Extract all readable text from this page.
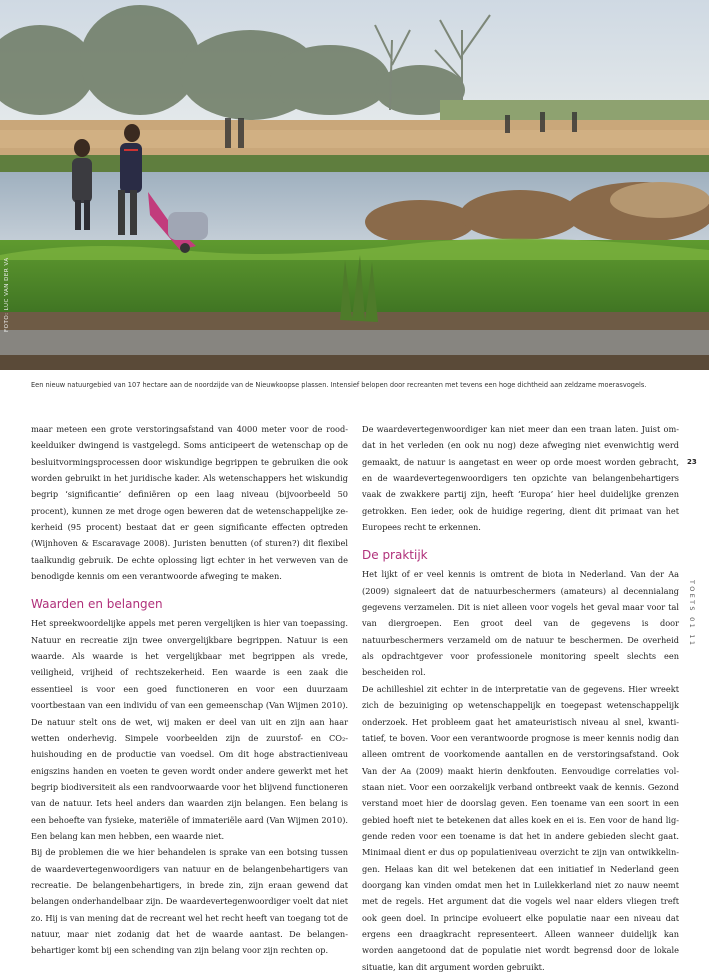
FOTO: LUC VAN DER VA
Een nieuw natuurgebied van 107 hectare aan de noordzijde van de Nieuwkoopse plassen. Intensief belopen door recreanten met tevens een hoge dichtheid aan zeldzame moerasvogels.

maar meteen een grote verstoringsafstand van 4000 meter voor de roodkeelduiker dwingend is vastgelegd. Soms anticipeert de wetenschap op de besluitvormingsprocessen door wiskundige begrippen te gebruiken die ook worden gebruikt in het juridische kader. Als wetenschappers het wiskundig begrip ‘significantie’ definiëren op een laag niveau (bijvoorbeeld 50 procent), kunnen ze met droge ogen beweren dat de wetenschappelijke zekerheid (95 procent) bestaat dat er geen significante effecten optreden (Wijnhoven & Escaravage 2008). Juristen benutten (of sturen?) dit flexibel taalkundig gebruik. De echte oplossing ligt echter in het verweven van de benodigde kennis om een verantwoorde afweging te maken.

Waarden en belangen

Het spreekwoordelijke appels met peren vergelijken is hier van toepassing. Natuur en recreatie zijn twee onvergelijkbare begrippen. Natuur is een waarde. Als waarde is het vergelijkbaar met begrippen als vrede, veiligheid, vrijheid of rechtszekerheid. Een waarde is een zaak die essentieel is voor een goed functioneren en voor een duurzaam voortbestaan van een individu of van een gemeenschap (Van Wijmen 2010). De natuur stelt ons de wet, wij maken er deel van uit en zijn aan haar wetten onderhevig. Simpele voorbeelden zijn de zuurstof- en CO₂-huishouding en de productie van voedsel. Om dit hoge abstractieniveau enigszins handen en voeten te geven wordt onder andere gewerkt met het begrip biodiversiteit als een randvoorwaarde voor het blijvend functioneren van de natuur. Iets heel anders dan waarden zijn belangen. Een belang is een behoefte van fysieke, materiële of immateriële aard (Van Wijmen 2010). Een belang kan men hebben, een waarde niet.

Bij de problemen die we hier behandelen is sprake van een botsing tussen de waardevertegenwoordigers van natuur en de belangenbehartigers van recreatie. De belangenbehartigers, in brede zin, zijn eraan gewend dat belangen onderhandelbaar zijn. De waardevertegenwoordiger voelt dat niet zo. Hij is van mening dat de recreant wel het recht heeft van toegang tot de natuur, maar niet zodanig dat het de waarde aantast. De belangenbehartiger komt bij een schending van zijn belang voor zijn rechten op.

De waardevertegenwoordiger kan niet meer dan een traan laten. Juist omdat in het verleden (en ook nu nog) deze afweging niet evenwichtig werd gemaakt, de natuur is aangetast en weer op orde moest worden gebracht, en de waardevertegenwoordigers ten opzichte van belangenbehartigers vaak de zwakkere partij zijn, heeft ‘Europa’ hier heel duidelijke grenzen getrokken. Een ieder, ook de huidige regering, dient dit primaat van het Europees recht te erkennen.

De praktijk

Het lijkt of er veel kennis is omtrent de biota in Nederland. Van der Aa (2009) signaleert dat de natuurbeschermers (amateurs) al decennialang gegevens verzamelen. Dit is niet alleen voor vogels het geval maar voor tal van diergroepen. Een groot deel van de gegevens is door natuurbeschermers verzameld om de natuur te beschermen. De overheid als opdrachtgever voor professionele monitoring speelt slechts een bescheiden rol.

De achilleshiel zit echter in de interpretatie van de gegevens. Hier wreekt zich de bezuiniging op wetenschappelijk en toegepast wetenschappelijk onderzoek. Het probleem gaat het amateuristisch niveau al snel, kwantitatief, te boven. Voor een verantwoorde prognose is meer kennis nodig dan alleen omtrent de voorkomende aantallen en de verstoringsafstand. Ook Van der Aa (2009) maakt hierin denkfouten. Eenvoudige correlaties volstaan niet. Voor een oorzakelijk verband ontbreekt vaak de kennis. Gezond verstand moet hier de doorslag geven. Een toename van een soort in een gebied hoeft niet te betekenen dat alles koek en ei is. Een voor de hand liggende reden voor een toename is dat het in andere gebieden slecht gaat. Minimaal dient er dus op populatieniveau overzicht te zijn van ontwikkelingen. Helaas kan dit wel betekenen dat een initiatief in Nederland geen doorgang kan vinden omdat men het in Luilekkerland niet zo nauw neemt met de regels. Het argument dat die vogels wel naar elders vliegen treft ook geen doel. In principe evolueert elke populatie naar een niveau dat ergens een draagkracht representeert. Alleen wanneer duidelijk kan worden aangetoond dat de populatie niet wordt begrensd door de lokale situatie, kan dit argument worden gebruikt.

23
TOETS 01 11
